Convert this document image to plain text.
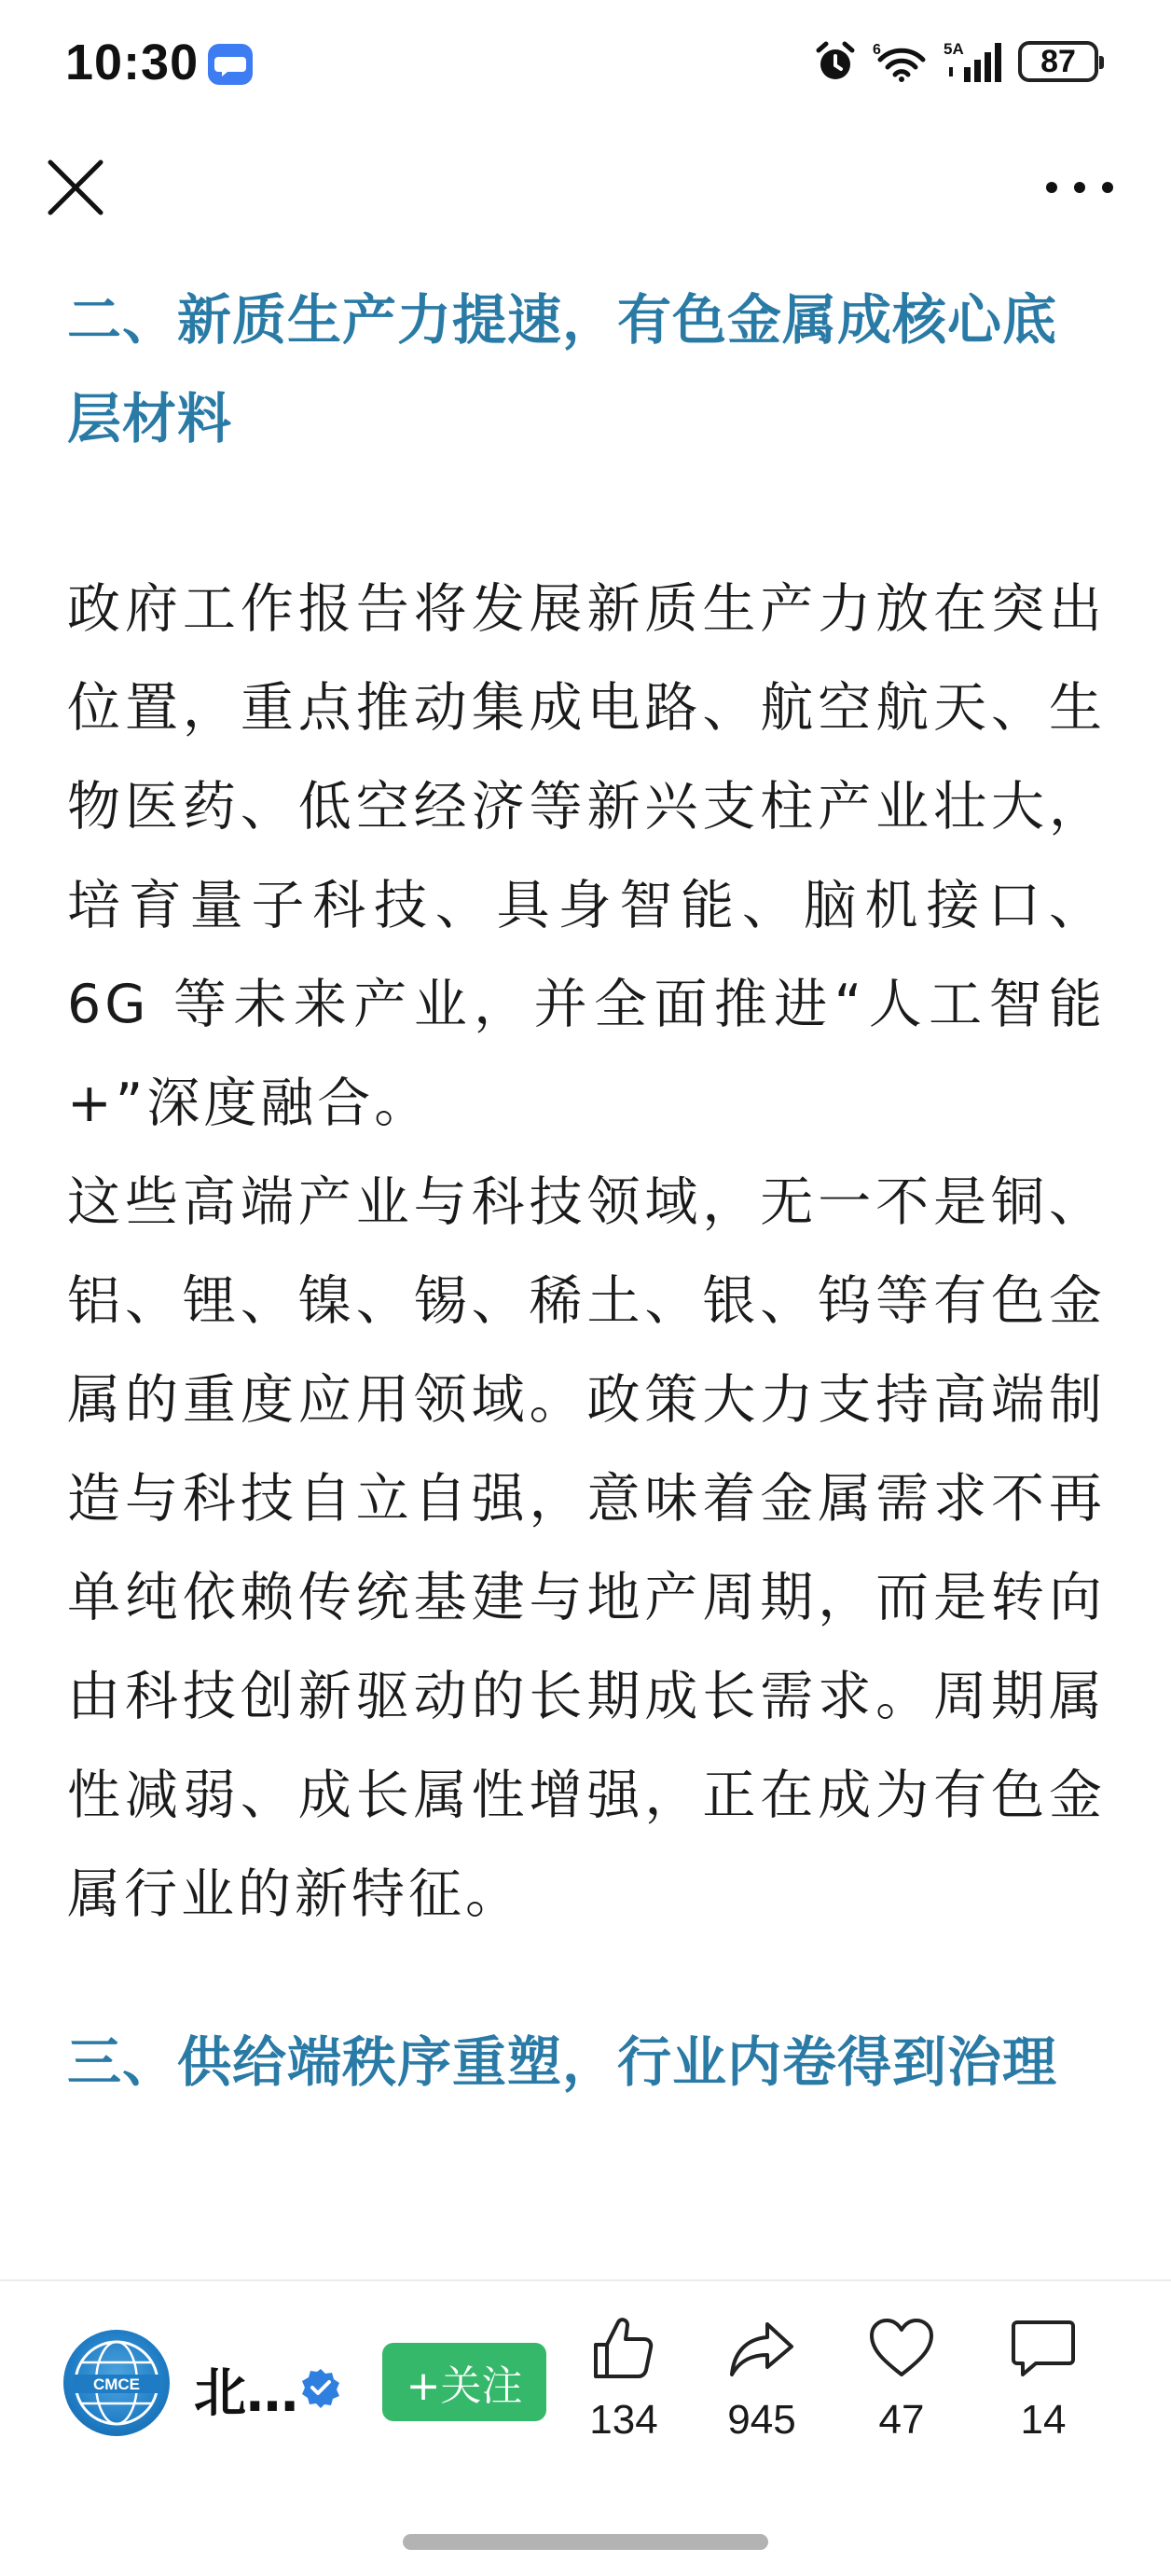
10:30	6	5A 87
二、新质生产力提速，有色金属成核心底层材料

政府工作报告将发展新质生产力放在突出位置，重点推动集成电路、航空航天、生物医药、低空经济等新兴支柱产业壮大，培育量子科技、具身智能、脑机接口、6G 等未来产业，并全面推进“人工智能 +”深度融合。

这些高端产业与科技领域，无一不是铜、铝、锂、镍、锡、稀土、银、钨等有色金属的重度应用领域。政策大力支持高端制造与科技自立自强，意味着金属需求不再单纯依赖传统基建与地产周期，而是转向由科技创新驱动的长期成长需求。周期属性减弱、成长属性增强，正在成为有色金属行业的新特征。

三、供给端秩序重塑，行业内卷得到治理
CMCE 北…	+关注
134 945 47 14
